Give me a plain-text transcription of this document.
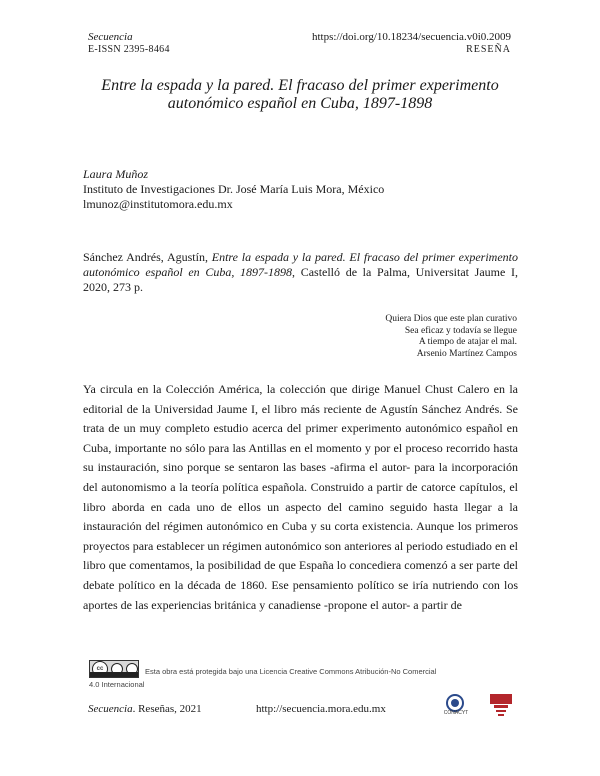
Secuencia
E-ISSN 2395-8464
https://doi.org/10.18234/secuencia.v0i0.2009
RESEÑA
Entre la espada y la pared. El fracaso del primer experimento autonómico español en Cuba, 1897-1898
Laura Muñoz
Instituto de Investigaciones Dr. José María Luis Mora, México
lmunoz@institutomora.edu.mx
Sánchez Andrés, Agustín, Entre la espada y la pared. El fracaso del primer experimento autonómico español en Cuba, 1897-1898, Castelló de la Palma, Universitat Jaume I, 2020, 273 p.
Quiera Dios que este plan curativo
Sea eficaz y todavía se llegue
A tiempo de atajar el mal.
Arsenio Martínez Campos
Ya circula en la Colección América, la colección que dirige Manuel Chust Calero en la editorial de la Universidad Jaume I, el libro más reciente de Agustín Sánchez Andrés. Se trata de un muy completo estudio acerca del primer experimento autonómico español en Cuba, importante no sólo para las Antillas en el momento y por el proceso recorrido hasta su instauración, sino porque se sentaron las bases -afirma el autor- para la incorporación del autonomismo a la teoría política española. Construido a partir de catorce capítulos, el libro aborda en cada uno de ellos un aspecto del camino seguido hasta llegar a la instauración del régimen autonómico en Cuba y su corta existencia. Aunque los primeros proyectos para establecer un régimen autonómico son anteriores al periodo estudiado en el libro que comentamos, la posibilidad de que España lo concediera comenzó a ser parte del debate político en la década de 1860. Ese pensamiento político se iría nutriendo con los aportes de las experiencias británica y canadiense -propone el autor- a partir de
cc	Esta obra está protegida bajo una Licencia Creative Commons Atribución-No Comercial
4.0 Internacional
Secuencia. Reseñas, 2021	http://secuencia.mora.edu.mx	CONACYT
